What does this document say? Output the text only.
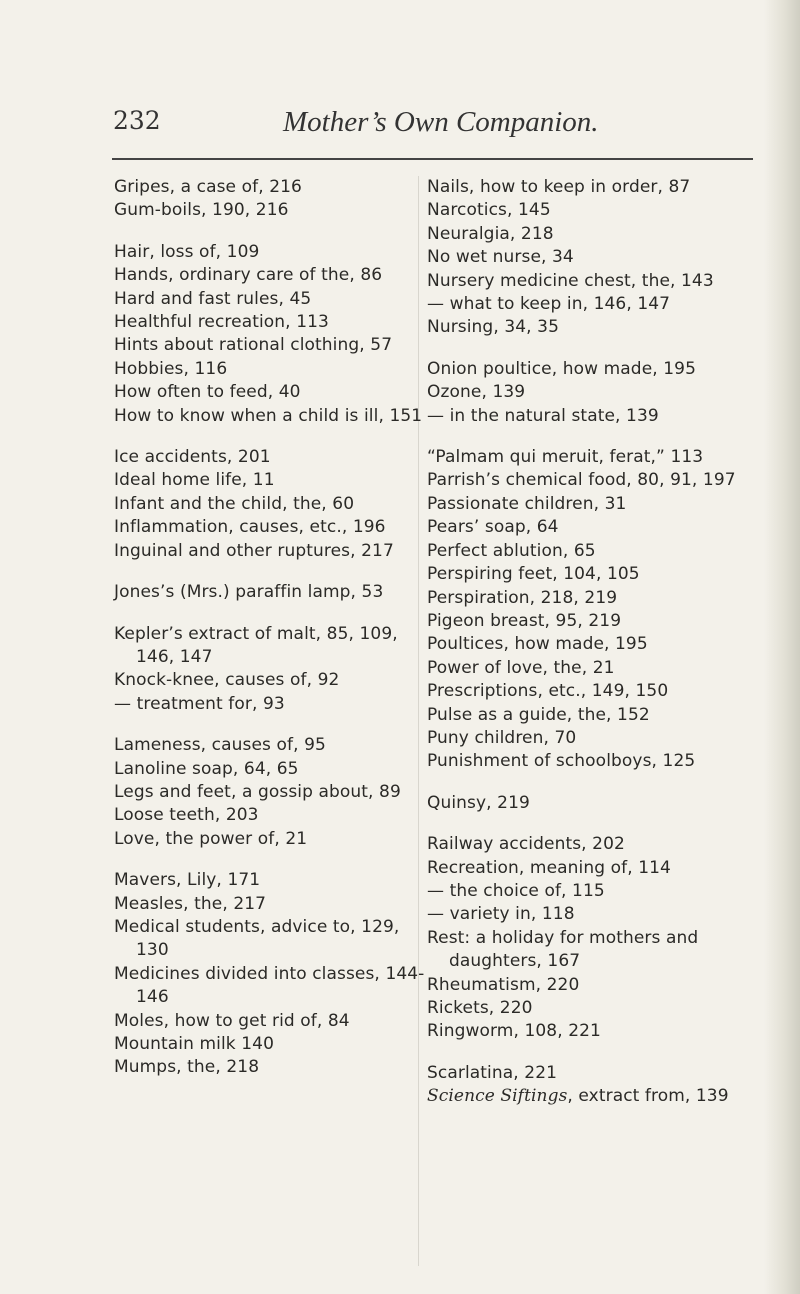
232	Mother’s Own Companion.
Gripes, a case of, 216
Gum-boils, 190, 216
Hair, loss of, 109
Hands, ordinary care of the, 86
Hard and fast rules, 45
Healthful recreation, 113
Hints about rational clothing, 57
Hobbies, 116
How often to feed, 40
How to know when a child is ill, 151
Ice accidents, 201
Ideal home life, 11
Infant and the child, the, 60
Inflammation, causes, etc., 196
Inguinal and other ruptures, 217
Jones’s (Mrs.) paraffin lamp, 53
Kepler’s extract of malt, 85, 109,
146, 147
Knock-knee, causes of, 92
— treatment for, 93
Lameness, causes of, 95
Lanoline soap, 64, 65
Legs and feet, a gossip about, 89
Loose teeth, 203
Love, the power of, 21
Mavers, Lily, 171
Measles, the, 217
Medical students, advice to, 129,
130
Medicines divided into classes, 144-
146
Moles, how to get rid of, 84
Mountain milk 140
Mumps, the, 218
Nails, how to keep in order, 87
Narcotics, 145
Neuralgia, 218
No wet nurse, 34
Nursery medicine chest, the, 143
— what to keep in, 146, 147
Nursing, 34, 35
Onion poultice, how made, 195
Ozone, 139
— in the natural state, 139
“Palmam qui meruit, ferat,” 113
Parrish’s chemical food, 80, 91, 197
Passionate children, 31
Pears’ soap, 64
Perfect ablution, 65
Perspiring feet, 104, 105
Perspiration, 218, 219
Pigeon breast, 95, 219
Poultices, how made, 195
Power of love, the, 21
Prescriptions, etc., 149, 150
Pulse as a guide, the, 152
Puny children, 70
Punishment of schoolboys, 125
Quinsy, 219
Railway accidents, 202
Recreation, meaning of, 114
— the choice of, 115
— variety in, 118
Rest: a holiday for mothers and
daughters, 167
Rheumatism, 220
Rickets, 220
Ringworm, 108, 221
Scarlatina, 221
Science Siftings, extract from, 139
